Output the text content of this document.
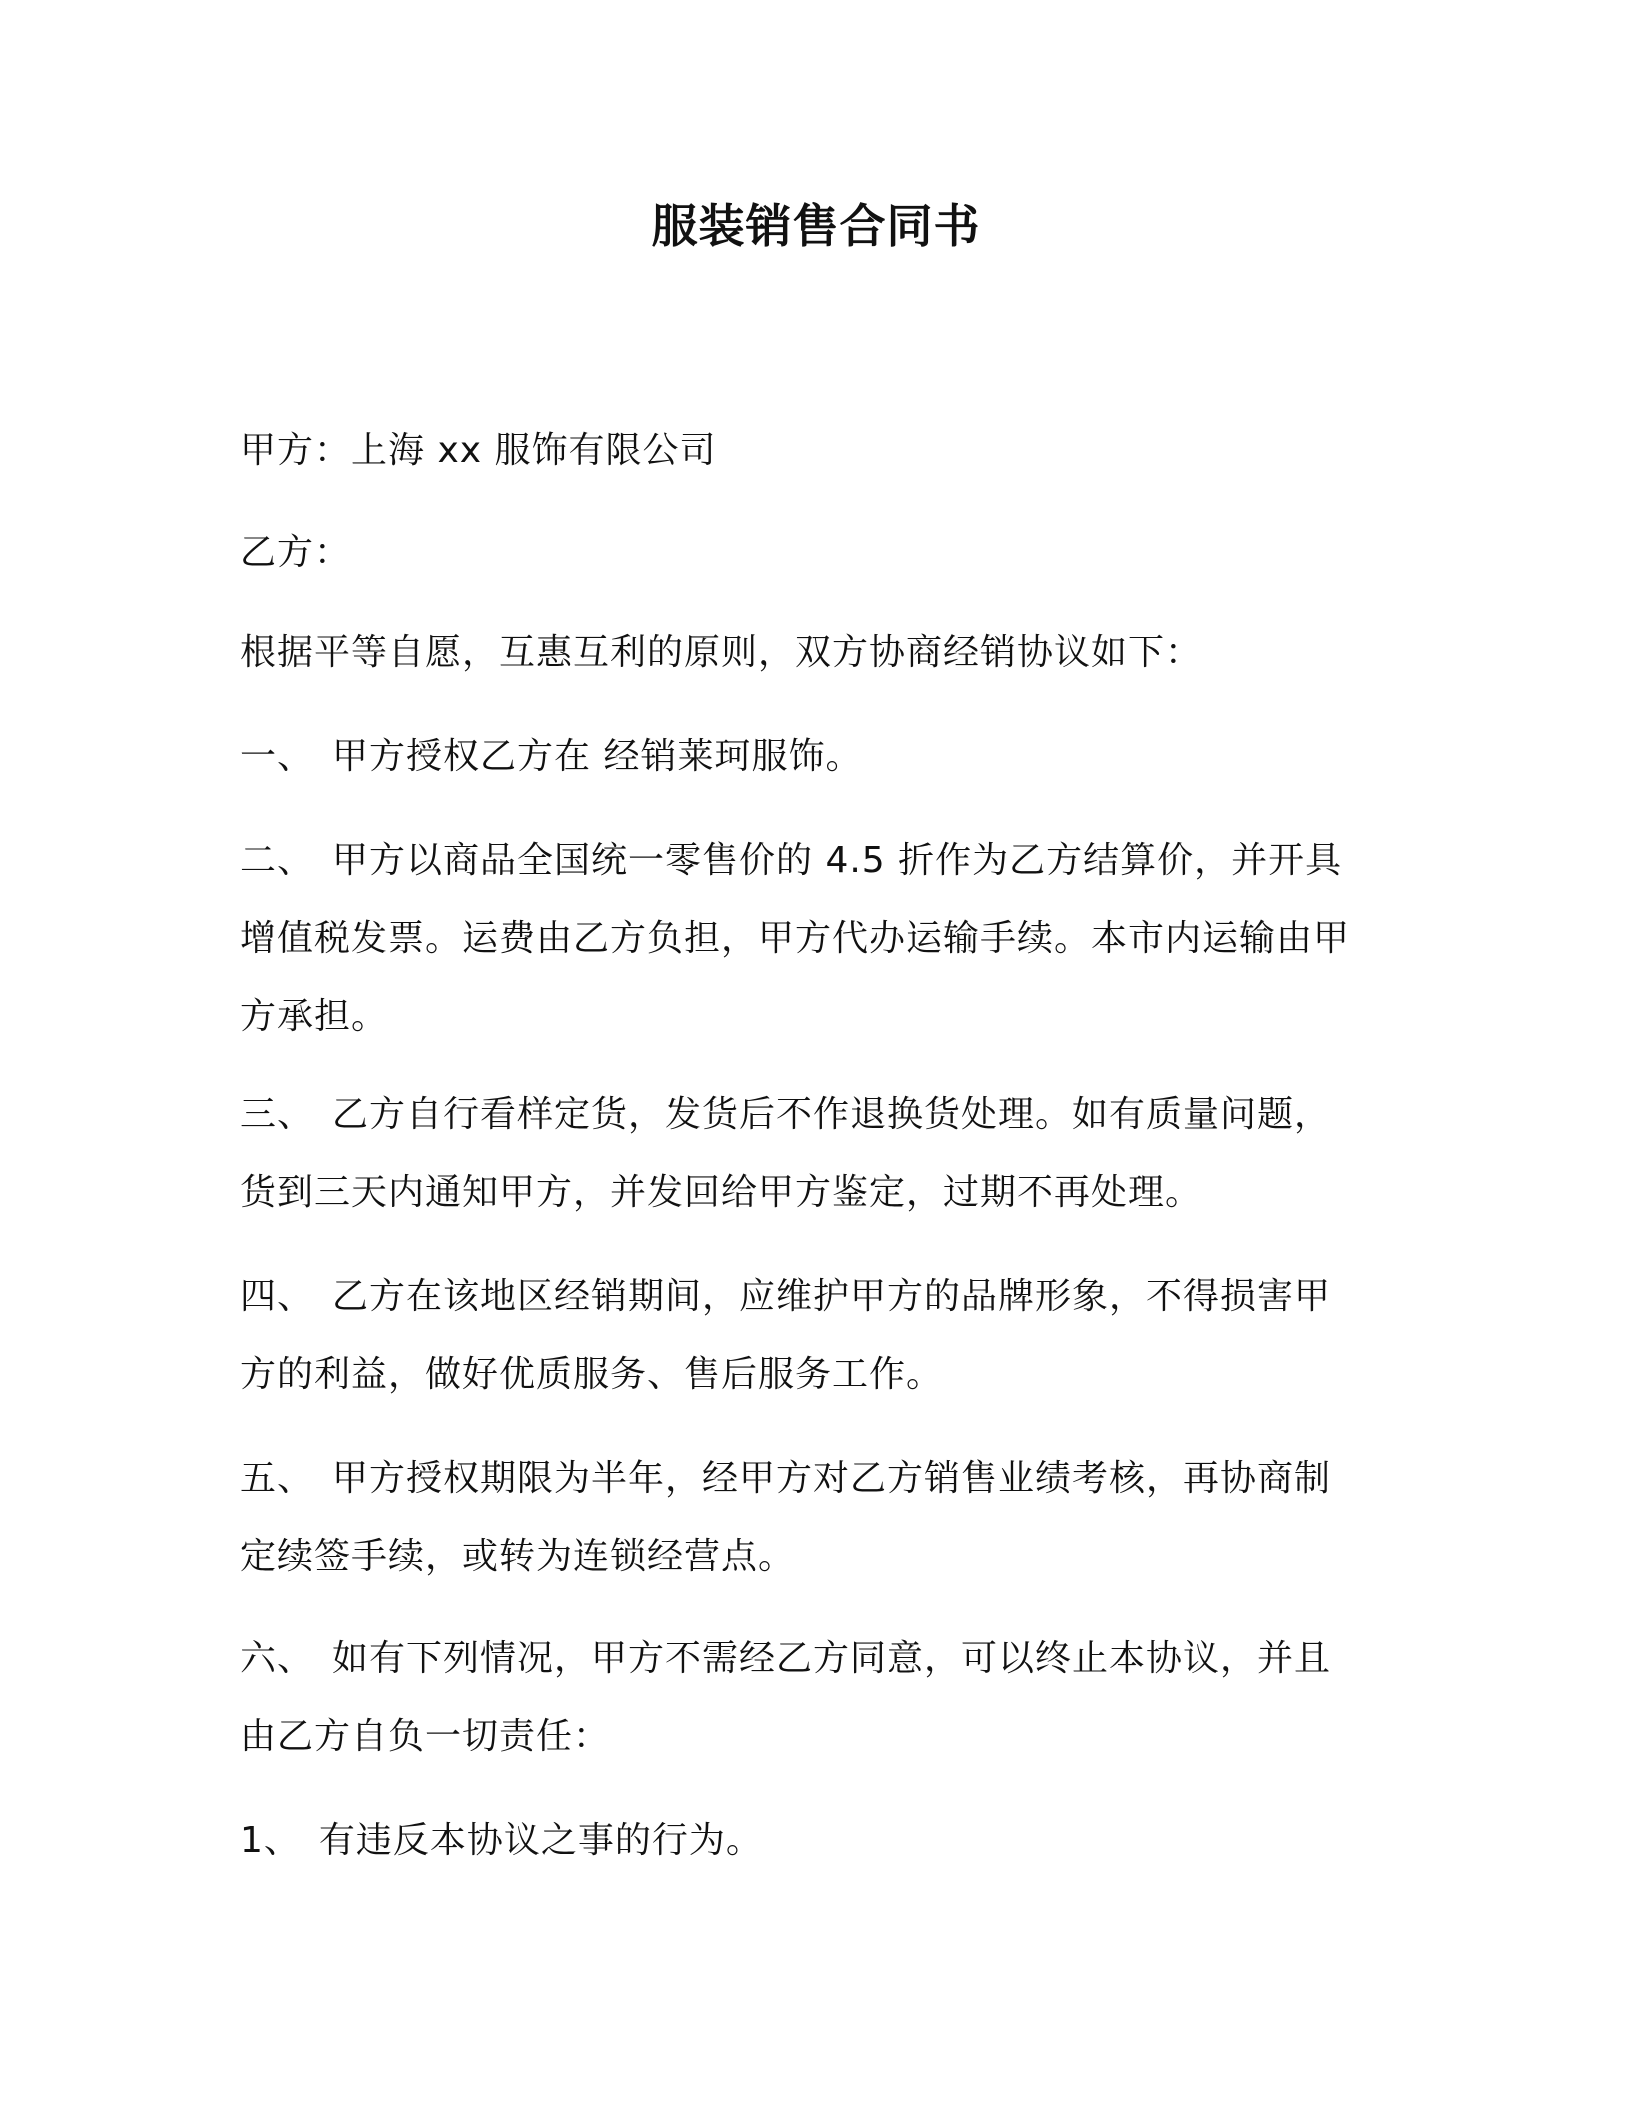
服装销售合同书
甲方：上海 xx 服饰有限公司
乙方：
根据平等自愿，互惠互利的原则，双方协商经销协议如下：
一、 甲方授权乙方在 经销莱珂服饰。
二、 甲方以商品全国统一零售价的 4.5 折作为乙方结算价，并开具增值税发票。运费由乙方负担，甲方代办运输手续。本市内运输由甲方承担。
三、 乙方自行看样定货，发货后不作退换货处理。如有质量问题，货到三天内通知甲方，并发回给甲方鉴定，过期不再处理。
四、 乙方在该地区经销期间，应维护甲方的品牌形象，不得损害甲方的利益，做好优质服务、售后服务工作。
五、 甲方授权期限为半年，经甲方对乙方销售业绩考核，再协商制定续签手续，或转为连锁经营点。
六、 如有下列情况，甲方不需经乙方同意，可以终止本协议，并且由乙方自负一切责任：
1、 有违反本协议之事的行为。
